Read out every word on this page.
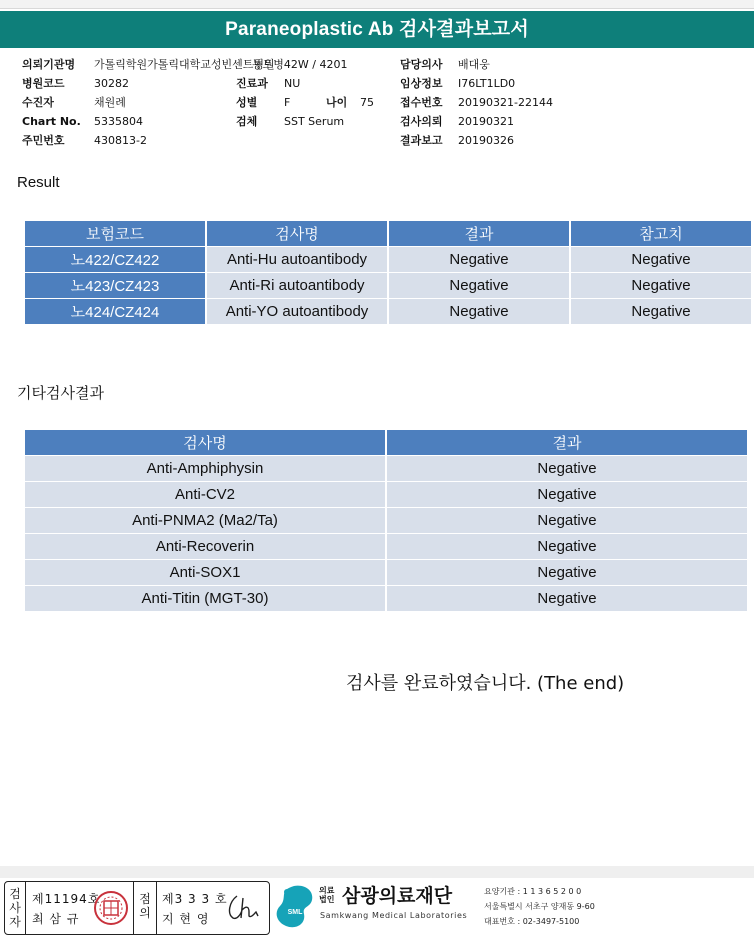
Paraneoplastic Ab 검사결과보고서
의뢰기관명 가톨릭학원가톨릭대학교성빈센트병원
병원코드	30282
수진자	채원례
Chart No. 5335804
주민번호	430813-2
동트병42W / 4201
진료과 NU
성별 F	나이 75
검체 SST Serum
담당의사 배대웅
임상정보 I76LT1LD0
접수번호 20190321-22144
검사의뢰 20190321
결과보고 20190326
Result
보험코드	검사명	결과	참고치
노422/CZ422	Anti-Hu autoantibody	Negative	Negative
노423/CZ423	Anti-Ri autoantibody	Negative	Negative
노424/CZ424	Anti-YO autoantibody	Negative	Negative
기타검사결과
검사명	결과
Anti-Amphiphysin	Negative
Anti-CV2	Negative
Anti-PNMA2 (Ma2/Ta)	Negative
Anti-Recoverin	Negative
Anti-SOX1	Negative
Anti-Titin (MGT-30)	Negative
검사를 완료하였습니다. (The end)
검
사
자
제11194호
최 삼 규
점
의
제3 3 3 호
지 현 영	SML
의료
법인 삼광의료재단
Samkwang Medical Laboratories
요양기관 : 1 1 3 6 5 2 0 0
서울특별시 서초구 양재동 9-60
대표번호 : 02-3497-5100
